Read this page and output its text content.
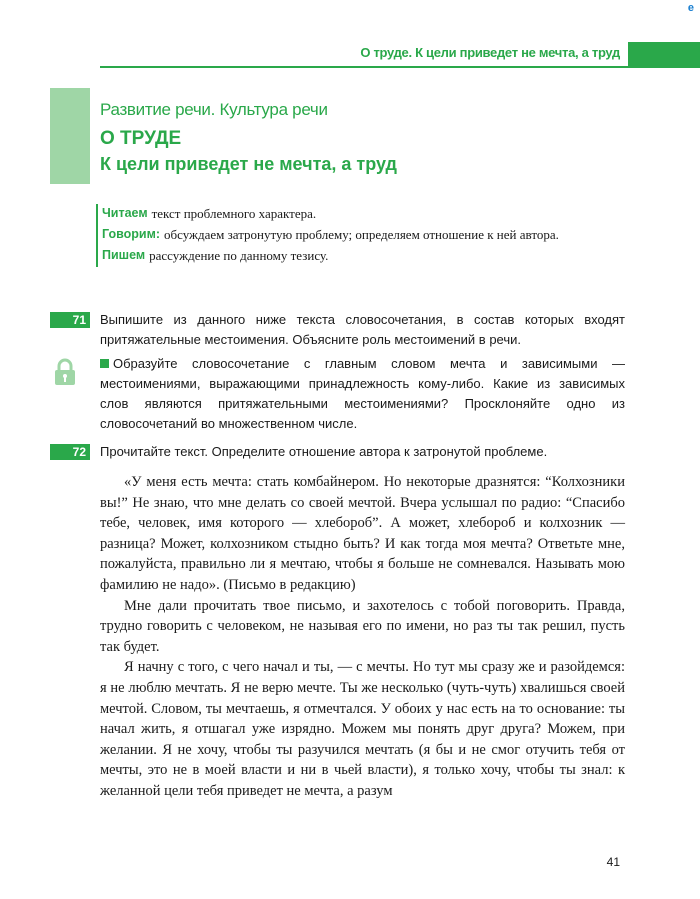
e
О труде. К цели приведет не мечта, а труд
Развитие речи. Культура речи
О ТРУДЕ
К цели приведет не мечта, а труд
Читаем текст проблемного характера.
Говорим: обсуждаем затронутую проблему; определяем отношение к ней автора.
Пишем рассуждение по данному тезису.
71	Выпишите из данного ниже текста словосочетания, в состав которых входят притяжательные местоимения. Объясните роль местоимений в речи.
Образуйте словосочетание с главным словом мечта и зависимыми — местоимениями, выражающими принадлежность кому-либо. Какие из зависимых слов являются притяжательными местоимениями? Просклоняйте одно из словосочетаний во множественном числе.
72	Прочитайте текст. Определите отношение автора к затронутой проблеме.

«У меня есть мечта: стать комбайнером. Но некоторые дразнятся: “Колхозники вы!” Не знаю, что мне делать со своей мечтой. Вчера услышал по радио: “Спасибо тебе, человек, имя которого — хлебороб”. А может, хлебороб и колхозник — разница? Может, колхозником стыдно быть? И как тогда моя мечта? Ответьте мне, пожалуйста, правильно ли я мечтаю, чтобы я больше не сомневался. Называть мою фамилию не надо». (Письмо в редакцию)

Мне дали прочитать твое письмо, и захотелось с тобой поговорить. Правда, трудно говорить с человеком, не называя его по имени, но раз ты так решил, пусть так будет.

Я начну с того, с чего начал и ты, — с мечты. Но тут мы сразу же и разойдемся: я не люблю мечтать. Я не верю мечте. Ты же несколько (чуть-чуть) хвалишься своей мечтой. Словом, ты мечтаешь, я отмечтался. У обоих у нас есть на то основание: ты начал жить, я отшагал уже изрядно. Можем мы понять друг друга? Можем, при желании. Я не хочу, чтобы ты разучился мечтать (я бы и не смог отучить тебя от мечты, это не в моей власти и ни в чьей власти), я только хочу, чтобы ты знал: к желанной цели тебя приведет не мечта, а разум

41
